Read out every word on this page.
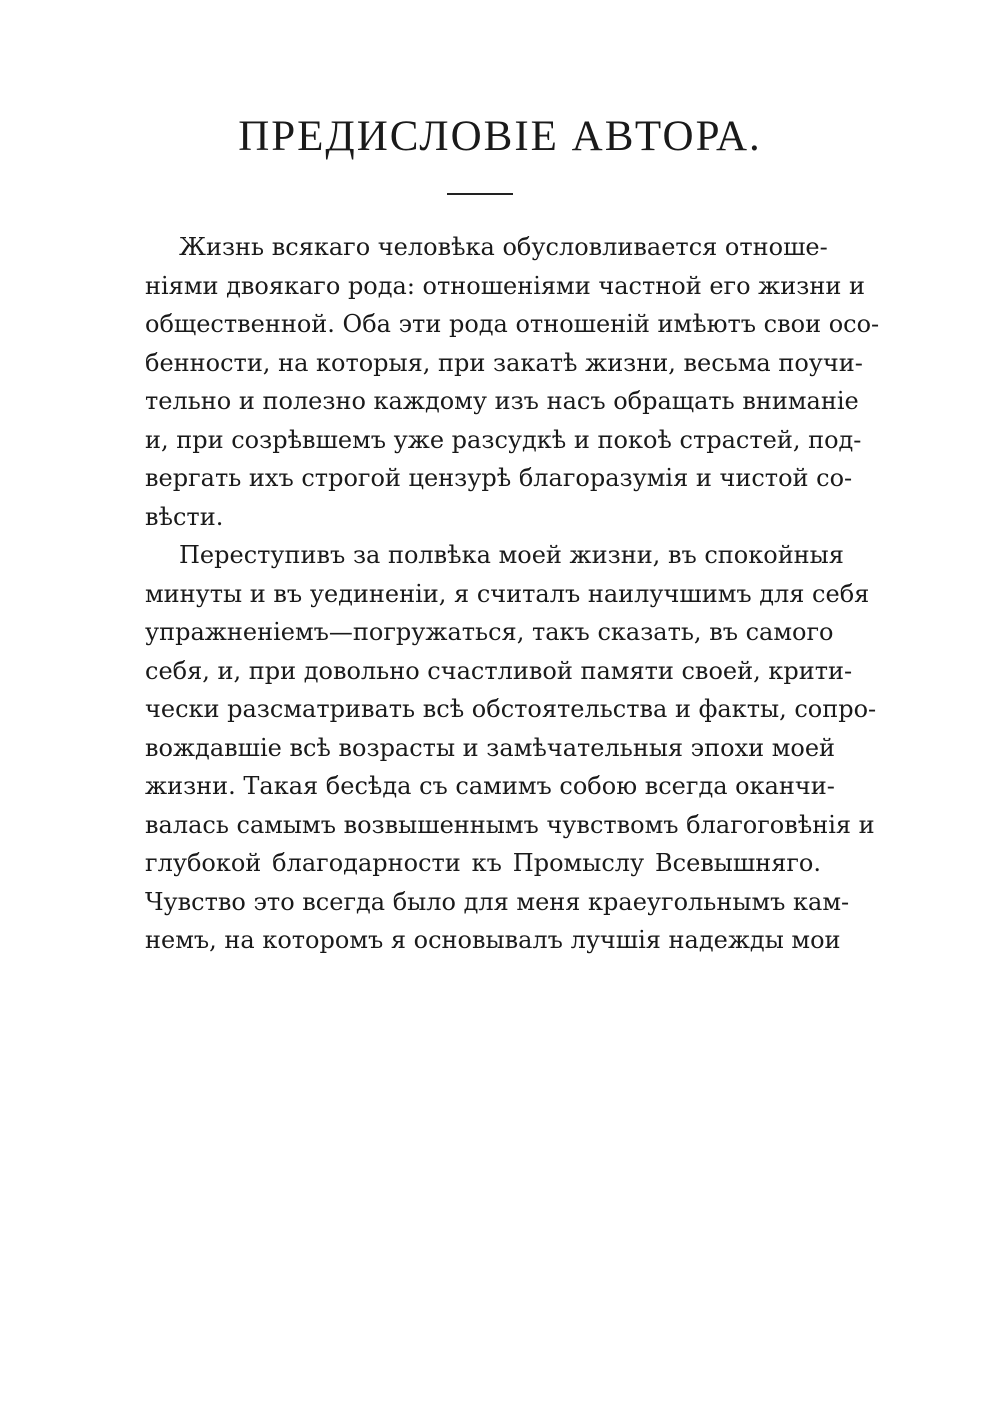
ПРЕДИСЛОВІЕ АВТОРА.
Жизнь всякаго человѣка обусловливается отноше-
ніями двоякаго рода: отношеніями частной его жизни и
общественной. Оба эти рода отношеній имѣютъ свои осо-
бенности, на которыя, при закатѣ жизни, весьма поучи-
тельно и полезно каждому изъ насъ обращать вниманіе
и, при созрѣвшемъ уже разсудкѣ и покоѣ страстей, под-
вергать ихъ строгой цензурѣ благоразумія и чистой со-
вѣсти.
Переступивъ за полвѣка моей жизни, въ спокойныя
минуты и въ уединеніи, я считалъ наилучшимъ для себя
упражненіемъ—погружаться, такъ сказать, въ самого
себя, и, при довольно счастливой памяти своей, крити-
чески разсматривать всѣ обстоятельства и факты, сопро-
вождавшіе всѣ возрасты и замѣчательныя эпохи моей
жизни. Такая бесѣда съ самимъ собою всегда оканчи-
валась самымъ возвышеннымъ чувствомъ благоговѣнія и
глубокой благодарности къ Промыслу Всевышняго.
Чувство это всегда было для меня краеугольнымъ кам-
немъ, на которомъ я основывалъ лучшія надежды мои
